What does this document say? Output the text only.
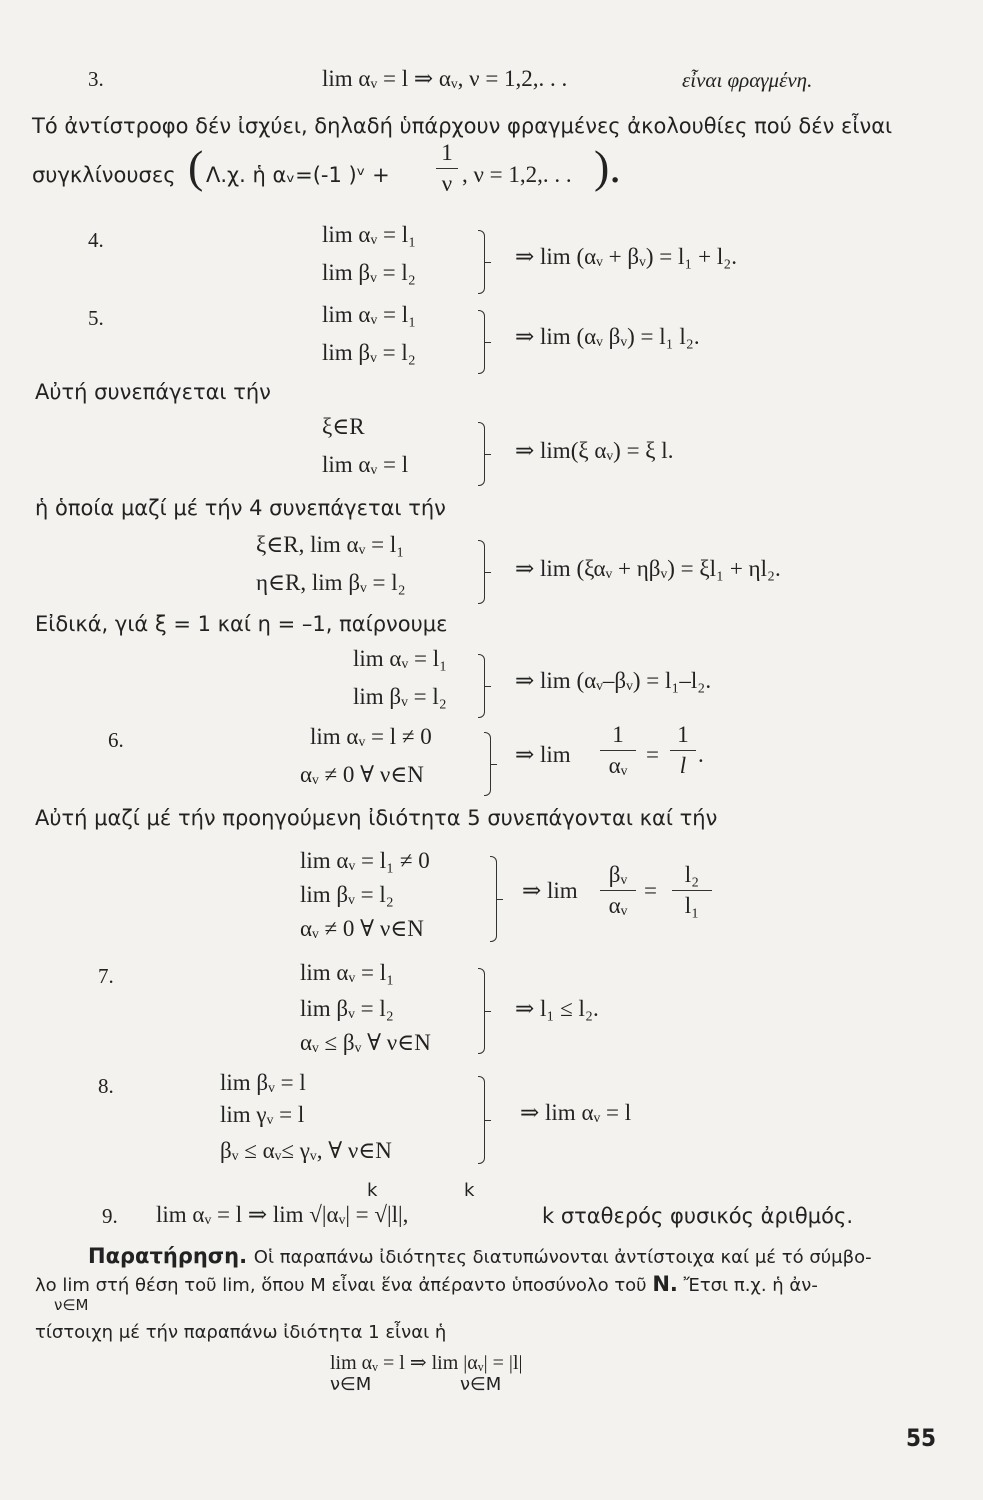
3.	lim αᵥ = l ⇒ αᵥ, ν = 1,2,. . .	εἶναι φραγμένη.
Τό ἀντίστροφο δέν ἰσχύει, δηλαδή ὑπάρχουν φραγμένες ἀκολουθίες πού δέν εἶναι
συγκλίνουσες ( Λ.χ. ἡ αᵥ=(-1 )ᵛ +
1
ν , ν = 1,2,. . . ).
4.	lim αᵥ = l₁
lim βᵥ = l₂
⇒ lim (αᵥ + βᵥ) = l₁ + l₂.
5.	lim αᵥ = l₁
lim βᵥ = l₂
⇒ lim (αᵥ βᵥ) = l₁ l₂.
Αὐτή συνεπάγεται τήν
ξ∈R
lim αᵥ = l
⇒ lim(ξ αᵥ) = ξ l.
ἡ ὁποία μαζί μέ τήν 4 συνεπάγεται τήν
ξ∈R, lim αᵥ = l₁
η∈R, lim βᵥ = l₂
⇒ lim (ξαᵥ + ηβᵥ) = ξl₁ + ηl₂.
Εἰδικά, γιά ξ = 1 καί η = –1, παίρνουμε
lim αᵥ = l₁
lim βᵥ = l₂
⇒ lim (αᵥ–βᵥ) = l₁–l₂.
6.	lim αᵥ = l ≠ 0
αᵥ ≠ 0 ∀ ν∈N
⇒ lim
1
αᵥ =
1
l .
Αὐτή μαζί μέ τήν προηγούμενη ἰδιότητα 5 συνεπάγονται καί τήν
lim αᵥ = l₁ ≠ 0
lim βᵥ = l₂
αᵥ ≠ 0 ∀ ν∈N
⇒ lim
βᵥ
αᵥ
=
l₂
l₁
7.	lim αᵥ = l₁
lim βᵥ = l₂
αᵥ ≤ βᵥ ∀ ν∈N
⇒ l₁ ≤ l₂.
8.	lim βᵥ = l
lim γᵥ = l
βᵥ ≤ αᵥ≤ γᵥ, ∀ ν∈N
⇒ lim αᵥ = l
k	k
9. lim αᵥ = l ⇒ lim √|αᵥ| = √|l|,	k σταθερός φυσικός ἀριθμός.
Παρατήρηση. Οἱ παραπάνω ἰδιότητες διατυπώνονται ἀντίστοιχα καί μέ τό σύμβο-
λο lim στή θέση τοῦ lim, ὅπου M εἶναι ἕνα ἀπέραντο ὑποσύνολο τοῦ N. Ἔτσι π.χ. ἡ ἀν-
ν∈M
τίστοιχη μέ τήν παραπάνω ἰδιότητα 1 εἶναι ἡ
lim αᵥ = l ⇒ lim |αᵥ| = |l|
ν∈M	ν∈M
55
